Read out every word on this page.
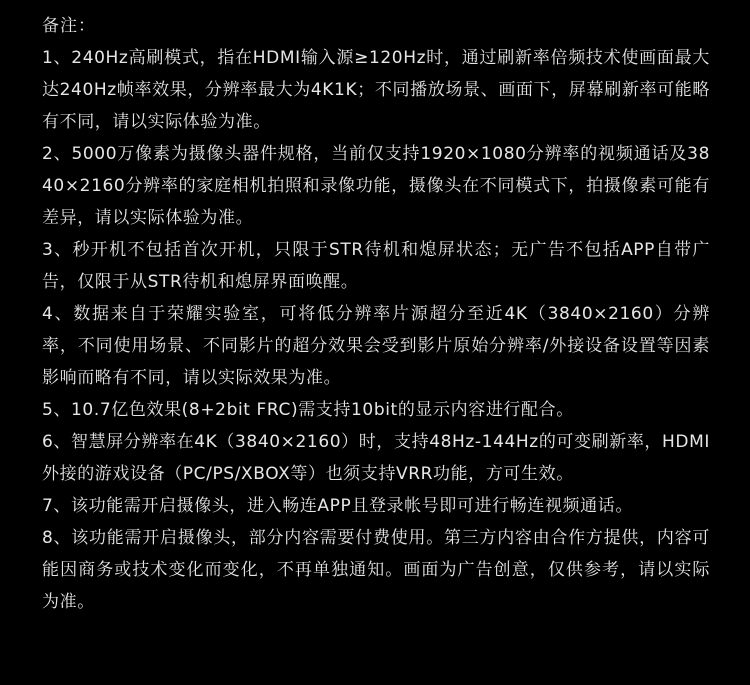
备注：

1、240Hz高刷模式，指在HDMI输入源≥120Hz时，通过刷新率倍频技术使画面最大达240Hz帧率效果，分辨率最大为4K1K；不同播放场景、画面下，屏幕刷新率可能略有不同，请以实际体验为准。

2、5000万像素为摄像头器件规格，当前仅支持1920×1080分辨率的视频通话及3840×2160分辨率的家庭相机拍照和录像功能，摄像头在不同模式下，拍摄像素可能有差异，请以实际体验为准。

3、秒开机不包括首次开机，只限于STR待机和熄屏状态；无广告不包括APP自带广告，仅限于从STR待机和熄屏界面唤醒。

4、数据来自于荣耀实验室，可将低分辨率片源超分至近4K（3840×2160）分辨率，不同使用场景、不同影片的超分效果会受到影片原始分辨率/外接设备设置等因素影响而略有不同，请以实际效果为准。

5、10.7亿色效果(8+2bit FRC)需支持10bit的显示内容进行配合。

6、智慧屏分辨率在4K（3840×2160）时，支持48Hz-144Hz的可变刷新率，HDMI外接的游戏设备（PC/PS/XBOX等）也须支持VRR功能，方可生效。

7、该功能需开启摄像头，进入畅连APP且登录帐号即可进行畅连视频通话。

8、该功能需开启摄像头，部分内容需要付费使用。第三方内容由合作方提供，内容可能因商务或技术变化而变化，不再单独通知。画面为广告创意，仅供参考，请以实际为准。
